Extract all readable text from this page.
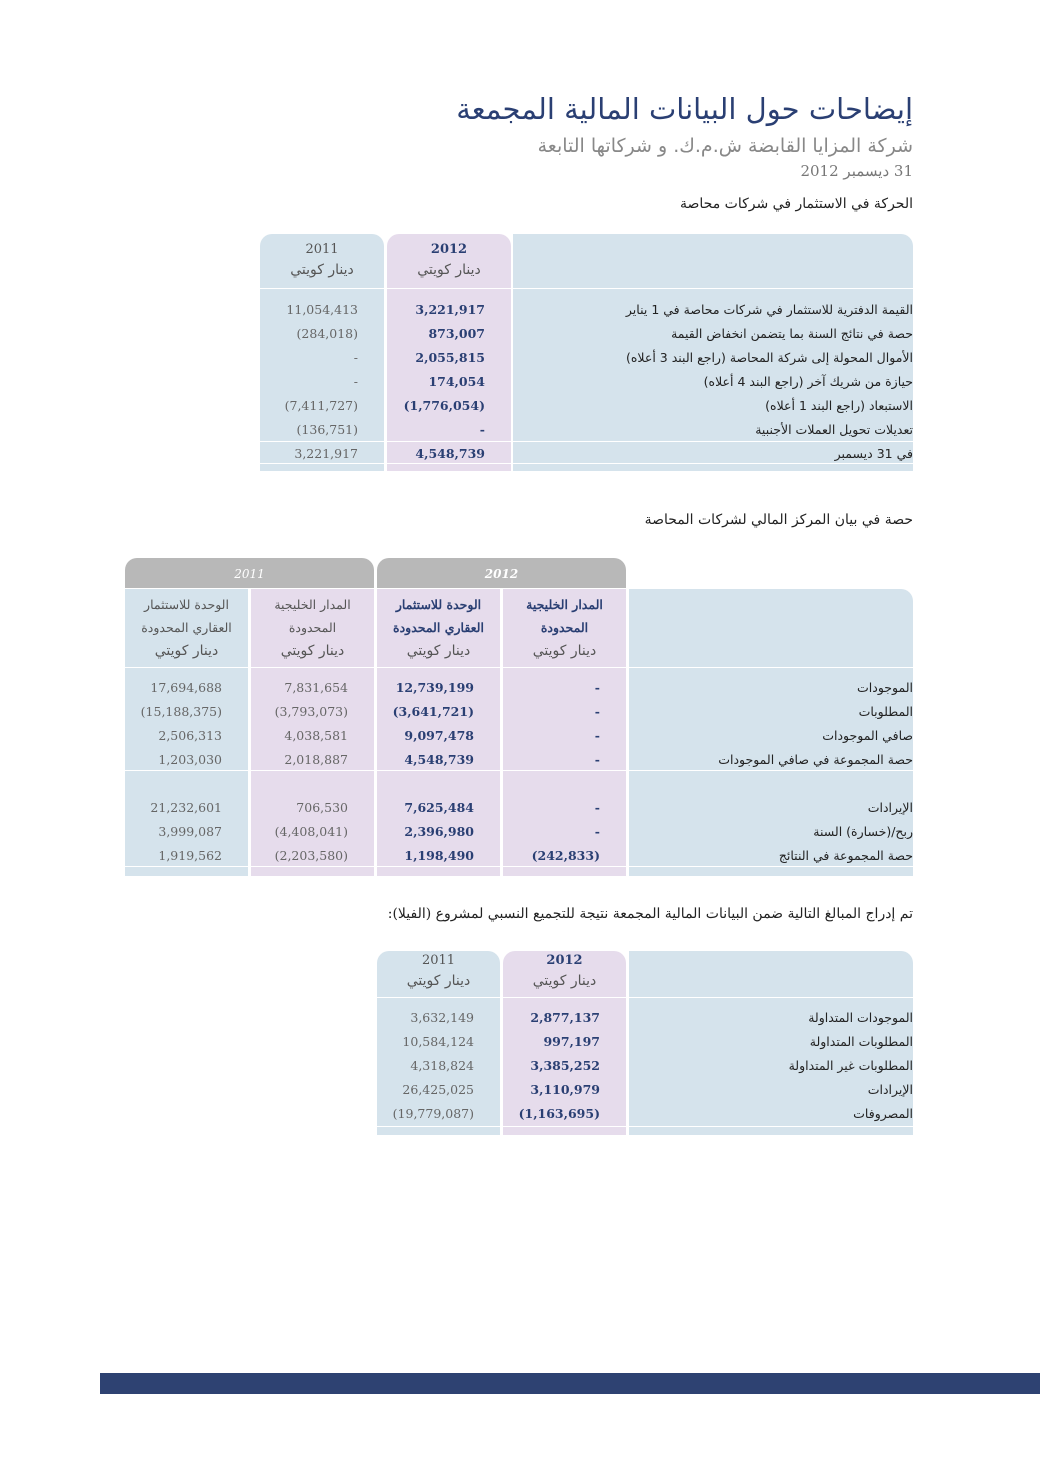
إيضاحات حول البيانات المالية المجمعة
شركة المزايا القابضة ش.م.ك. و شركاتها التابعة
31 ديسمبر 2012
الحركة في الاستثمار في شركات محاصة
2012
دينار كويتي
2011
دينار كويتي
القيمة الدفترية للاستثمار في شركات محاصة في 1 يناير
3,221,917
11,054,413
حصة في نتائج السنة بما يتضمن انخفاض القيمة
873,007
(284,018)
الأموال المحولة إلى شركة المحاصة (راجع البند 3 أعلاه)
2,055,815
-
حيازة من شريك آخر (راجع البند 4 أعلاه)
174,054
-
الاستبعاد (راجع البند 1 أعلاه)
(1,776,054)
(7,411,727)
تعديلات تحويل العملات الأجنبية
-
(136,751)
في 31 ديسمبر
4,548,739
3,221,917
حصة في بيان المركز المالي لشركات المحاصة
2012
2011
المدار الخليجية
المحدودة
دينار كويتي
الوحدة للاستثمار
العقاري المحدودة
دينار كويتي
المدار الخليجية
المحدودة
دينار كويتي
الوحدة للاستثمار
العقاري المحدودة
دينار كويتي
الموجودات
-
12,739,199
7,831,654
17,694,688
المطلوبات
-
(3,641,721)
(3,793,073)
(15,188,375)
صافي الموجودات
-
9,097,478
4,038,581
2,506,313
حصة المجموعة في صافي الموجودات
-
4,548,739
2,018,887
1,203,030
الإيرادات
-
7,625,484
706,530
21,232,601
ربح/(خسارة) السنة
-
2,396,980
(4,408,041)
3,999,087
حصة المجموعة في النتائج
(242,833)
1,198,490
(2,203,580)
1,919,562
تم إدراج المبالغ التالية ضمن البيانات المالية المجمعة نتيجة للتجميع النسبي لمشروع (الفيلا):
2012
دينار كويتي
2011
دينار كويتي
الموجودات المتداولة
2,877,137
3,632,149
المطلوبات المتداولة
997,197
10,584,124
المطلوبات غير المتداولة
3,385,252
4,318,824
الإيرادات
3,110,979
26,425,025
المصروفات
(1,163,695)
(19,779,087)
